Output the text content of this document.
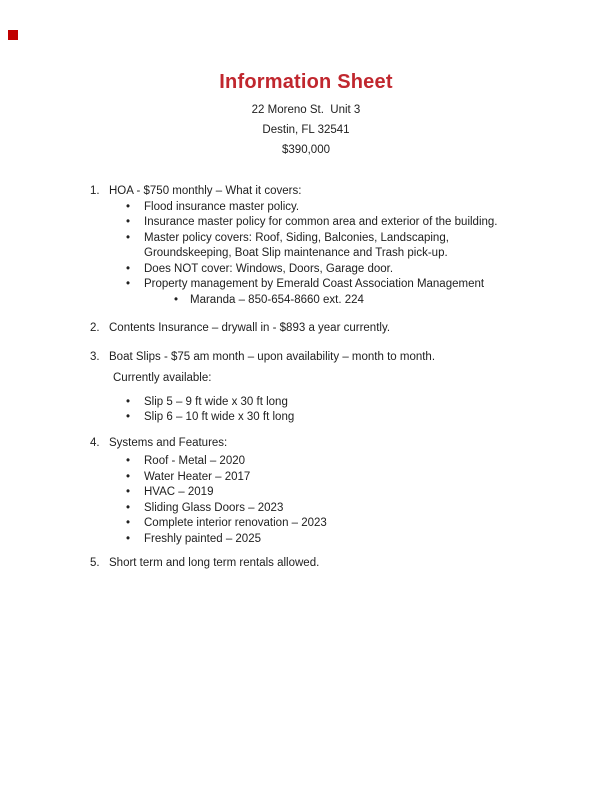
Information Sheet
22 Moreno St.  Unit 3
Destin, FL 32541
$390,000
1. HOA - $750 monthly – What it covers:
•	Flood insurance master policy.
•	Insurance master policy for common area and exterior of the building.
•	Master policy covers: Roof, Siding, Balconies, Landscaping,
Groundskeeping, Boat Slip maintenance and Trash pick-up.
•	Does NOT cover: Windows, Doors, Garage door.
•	Property management by Emerald Coast Association Management
•	Maranda – 850-654-8660 ext. 224
2. Contents Insurance – drywall in - $893 a year currently.
3. Boat Slips - $75 am month – upon availability – month to month.
Currently available:
•	Slip 5 – 9 ft wide x 30 ft long
•	Slip 6 – 10 ft wide x 30 ft long
4. Systems and Features:
•	Roof - Metal – 2020
•	Water Heater – 2017
•	HVAC – 2019
•	Sliding Glass Doors – 2023
•	Complete interior renovation – 2023
•	Freshly painted – 2025
5. Short term and long term rentals allowed.
